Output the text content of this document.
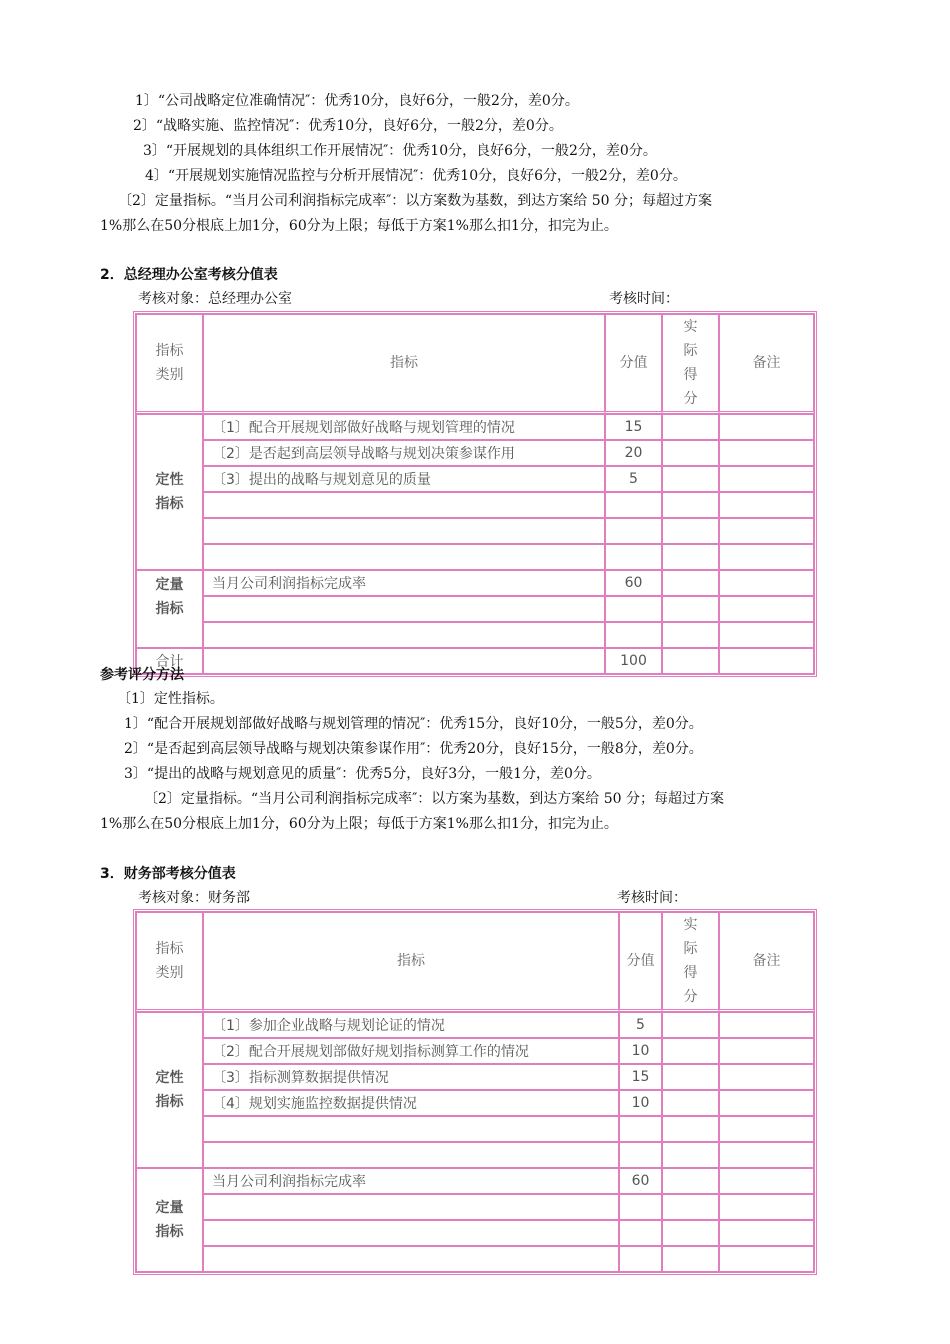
1〕“公司战略定位准确情况″：优秀10分，良好6分，一般2分，差0分。
2〕“战略实施、监控情况″：优秀10分，良好6分，一般2分，差0分。
3〕“开展规划的具体组织工作开展情况″：优秀10分，良好6分，一般2分，差0分。
4〕“开展规划实施情况监控与分析开展情况″：优秀10分，良好6分，一般2分，差0分。
〔2〕定量指标。“当月公司利润指标完成率″：以方案数为基数，到达方案给 50 分；每超过方案
1%那么在50分根底上加1分，60分为上限；每低于方案1%那么扣1分，扣完为止。
2．总经理办公室考核分值表
考核对象：总经理办公室	考核时间：
指标类别	指标	分值	实际得分	备注
定性指标	〔1〕配合开展规划部做好战略与规划管理的情况	15		
	〔2〕是否起到高层领导战略与规划决策参谋作用	20		
	〔3〕提出的战略与规划意见的质量	5		

定量指标	当月公司利润指标完成率	60		

合计		100		
参考评分方法
〔1〕定性指标。
1〕“配合开展规划部做好战略与规划管理的情况″：优秀15分，良好10分，一般5分，差0分。
2〕“是否起到高层领导战略与规划决策参谋作用″：优秀20分，良好15分，一般8分，差0分。
3〕“提出的战略与规划意见的质量″：优秀5分，良好3分，一般1分，差0分。
〔2〕定量指标。“当月公司利润指标完成率″：以方案为基数，到达方案给 50 分；每超过方案
1%那么在50分根底上加1分，60分为上限；每低于方案1%那么扣1分，扣完为止。
3．财务部考核分值表
考核对象：财务部	考核时间：
指标类别	指标	分值	实际得分	备注
定性指标	〔1〕参加企业战略与规划论证的情况	5		
	〔2〕配合开展规划部做好规划指标测算工作的情况	10		
	〔3〕指标测算数据提供情况	15		
	〔4〕规划实施监控数据提供情况	10		

定量指标	当月公司利润指标完成率	60		
